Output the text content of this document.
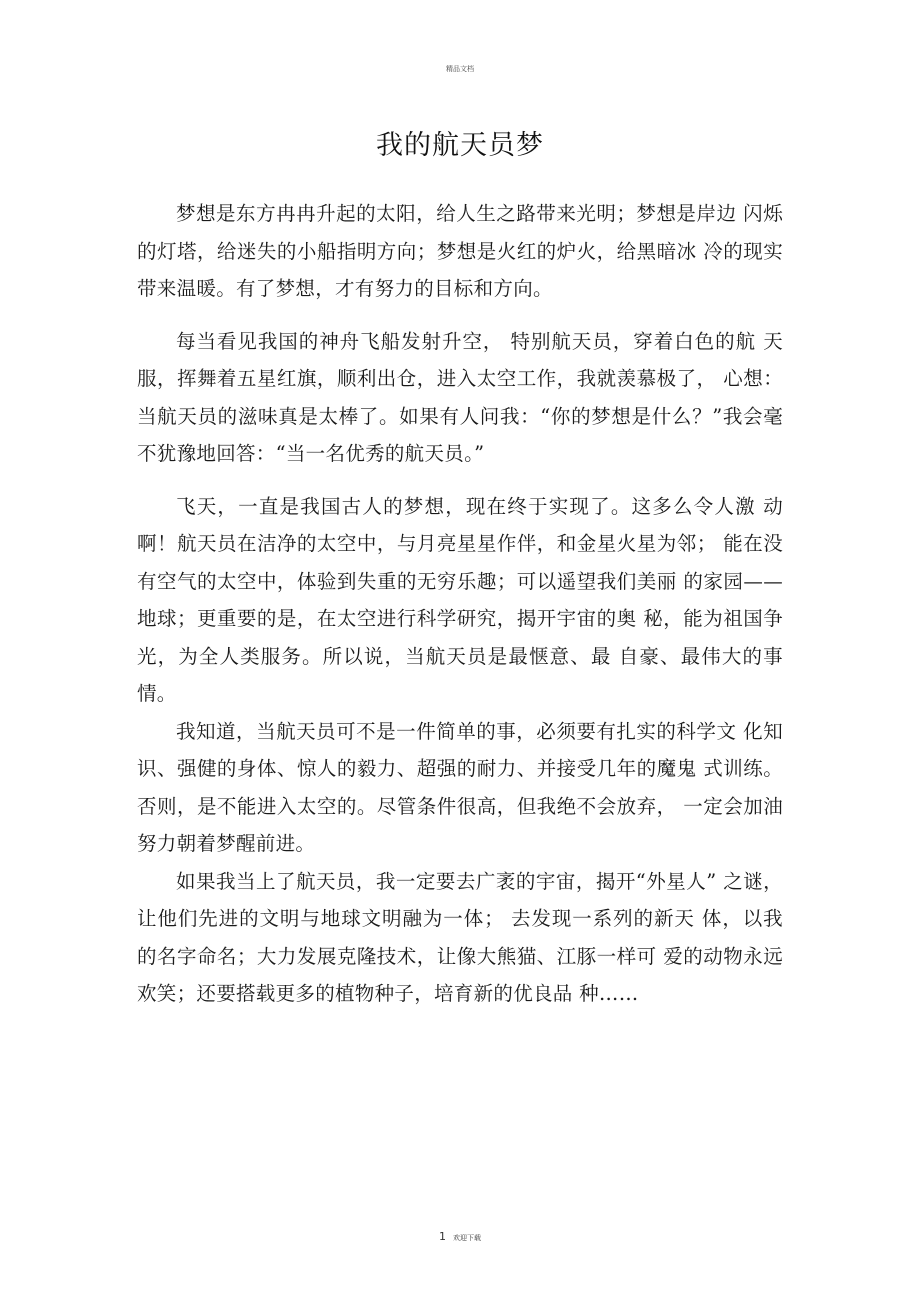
精品文档
我的航天员梦

梦想是东方冉冉升起的太阳，给人生之路带来光明；梦想是岸边 闪烁的灯塔，给迷失的小船指明方向；梦想是火红的炉火，给黑暗冰 冷的现实带来温暖。有了梦想，才有努力的目标和方向。

每当看见我国的神舟飞船发射升空， 特别航天员，穿着白色的航 天服，挥舞着五星红旗，顺利出仓，进入太空工作，我就羡慕极了， 心想：当航天员的滋味真是太棒了。如果有人问我：“你的梦想是什么？”我会毫不犹豫地回答：“当一名优秀的航天员。”

飞天，一直是我国古人的梦想，现在终于实现了。这多么令人激 动啊！航天员在洁净的太空中，与月亮星星作伴，和金星火星为邻； 能在没有空气的太空中，体验到失重的无穷乐趣；可以遥望我们美丽 的家园——地球；更重要的是，在太空进行科学研究，揭开宇宙的奥 秘，能为祖国争光，为全人类服务。所以说，当航天员是最惬意、最 自豪、最伟大的事情。

我知道，当航天员可不是一件简单的事，必须要有扎实的科学文 化知识、强健的身体、惊人的毅力、超强的耐力、并接受几年的魔鬼 式训练。否则，是不能进入太空的。尽管条件很高，但我绝不会放弃， 一定会加油努力朝着梦醒前进。

如果我当上了航天员，我一定要去广袤的宇宙，揭开“外星人” 之谜，让他们先进的文明与地球文明融为一体； 去发现一系列的新天 体，以我的名字命名；大力发展克隆技术，让像大熊猫、江豚一样可 爱的动物永远欢笑；还要搭载更多的植物种子，培育新的优良品 种……

1 欢迎下载
